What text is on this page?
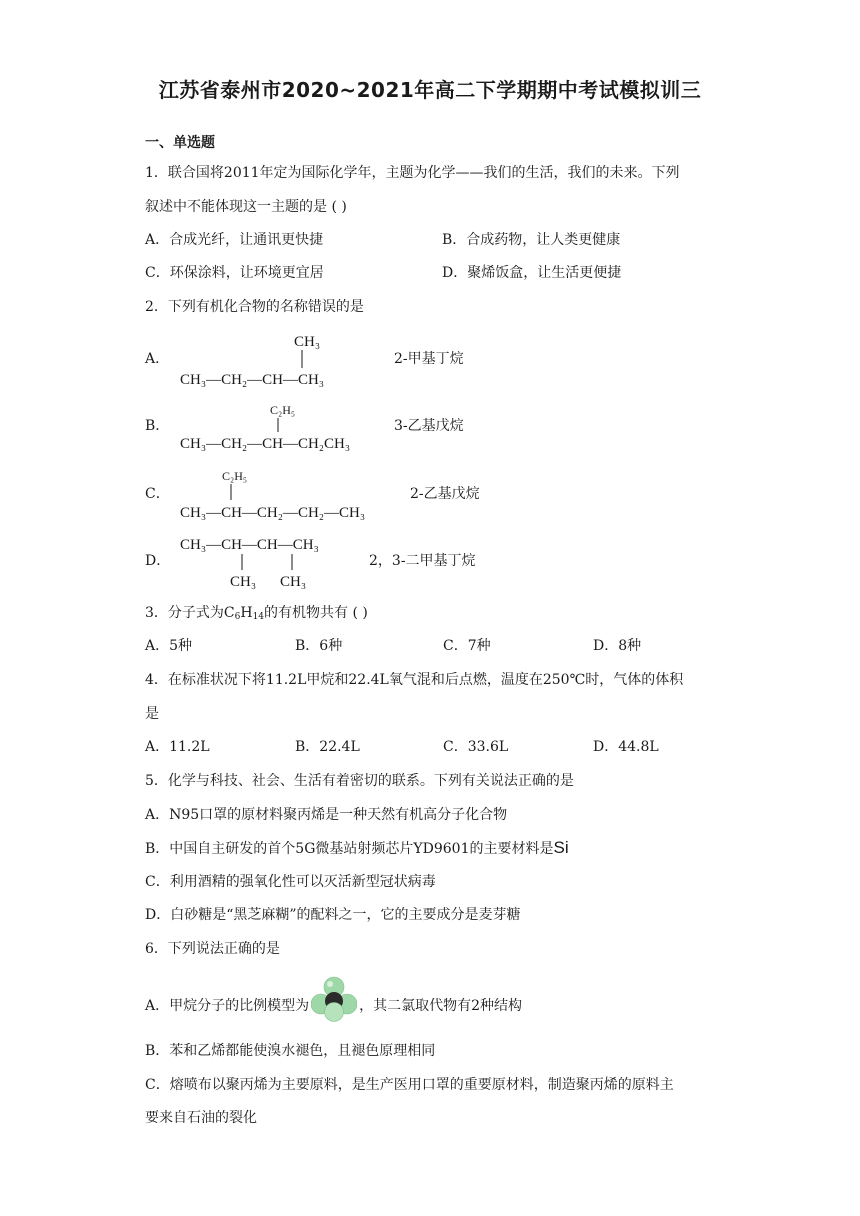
江苏省泰州市2020~2021年高二下学期期中考试模拟训三
一、单选题
1．联合国将2011年定为国际化学年，主题为化学——我们的生活，我们的未来。下列
叙述中不能体现这一主题的是 ( )
A．合成光纤，让通讯更快捷	B．合成药物，让人类更健康
C．环保涂料，让环境更宜居	D．聚烯饭盒，让生活更便捷
2．下列有机化合物的名称错误的是
A．
CH₃
CH₃—CH₂—CH—CH₃
2-甲基丁烷
B．
C₂H₅
CH₃—CH₂—CH—CH₂CH₃
3-乙基戊烷
C．
C₂H₅
CH₃—CH—CH₂—CH₂—CH₃
2-乙基戊烷
D．
CH₃—CH—CH—CH₃
CH₃ CH₃
2，3-二甲基丁烷
3．分子式为$C_6H_{14}$的有机物共有 ( )
A．5种	B．6种	C．7种	D．8种
4．在标准状况下将11.2L甲烷和22.4L氧气混和后点燃，温度在250℃时，气体的体积
是
A．11.2L	B．22.4L	C．33.6L	D．44.8L
5．化学与科技、社会、生活有着密切的联系。下列有关说法正确的是
A．N95口罩的原材料聚丙烯是一种天然有机高分子化合物
B．中国自主研发的首个5G微基站射频芯片YD9601的主要材料是Si
C．利用酒精的强氧化性可以灭活新型冠状病毒
D．白砂糖是“黑芝麻糊”的配料之一，它的主要成分是麦芽糖
6．下列说法正确的是
A．甲烷分子的比例模型为	，其二氯取代物有2种结构
B．苯和乙烯都能使溴水褪色，且褪色原理相同
C．熔喷布以聚丙烯为主要原料，是生产医用口罩的重要原材料，制造聚丙烯的原料主
要来自石油的裂化
